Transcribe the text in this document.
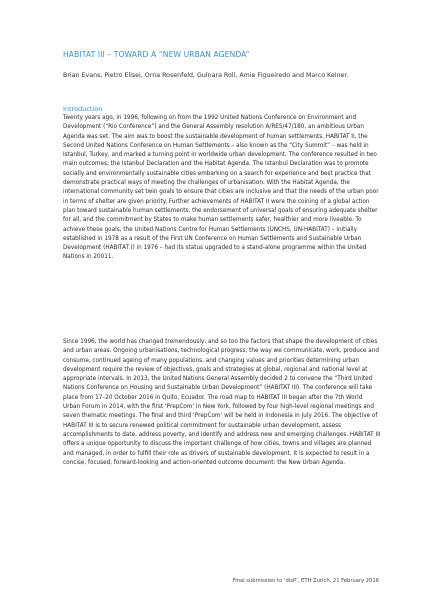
HABITAT III – TOWARD A “NEW URBAN AGENDA”
Brian Evans, Pietro Elisei, Orna Rosenfeld, Gulnara Roll, Amie Figueiredo and Marco Keiner.
Introduction

Twenty years ago, in 1996, following on from the 1992 United Nations Conference on Environment and Development (“Rio Conference”) and the General Assembly resolution A/RES/47/180, an ambitious Urban Agenda was set. The aim was to boost the sustainable development of human settlements. HABITAT II, the Second United Nations Conference on Human Settlements – also known as the “City Summit” – was held in Istanbul, Turkey, and marked a turning point in worldwide urban development. The conference resulted in two main outcomes: the Istanbul Declaration and the Habitat Agenda. The Istanbul Declaration was to promote socially and environmentally sustainable cities embarking on a search for experience and best practice that demonstrate practical ways of meeting the challenges of urbanisation. With the Habitat Agenda, the international community set twin goals to ensure that cities are inclusive and that the needs of the urban poor in terms of shelter are given priority. Further achievements of HABITAT II were the coining of a global action plan toward sustainable human settlements, the endorsement of universal goals of ensuring adequate shelter for all, and the commitment by States to make human settlements safer, healthier and more liveable. To achieve these goals, the United Nations Centre for Human Settlements (UNCHS, UN-HABITAT) – initially established in 1978 as a result of the First UN Conference on Human Settlements and Sustainable Urban Development (HABITAT I) in 1976 – had its status upgraded to a stand-alone programme within the United Nations in 20011.

Since 1996, the world has changed tremendously, and so too the factors that shape the development of cities and urban areas. Ongoing urbanisations, technological progress, the way we communicate, work, produce and consume, continued ageing of many populations, and changing values and priorities determining urban development require the review of objectives, goals and strategies at global, regional and national level at appropriate intervals. In 2013, the United Nations General Assembly decided 2 to convene the “Third United Nations Conference on Housing and Sustainable Urban Development” (HABITAT III). The conference will take place from 17–20 October 2016 in Quito, Ecuador. The road map to HABITAT III began after the 7th World Urban Forum in 2014, with the first ‘PrepCom’ in New York, followed by four high-level regional meetings and seven thematic meetings. The final and third ‘PrepCom’ will be held in Indonesia in July 2016. The objective of HABITAT III is to secure renewed political commitment for sustainable urban development, assess accomplishments to date, address poverty, and identify and address new and emerging challenges. HABITAT III offers a unique opportunity to discuss the important challenge of how cities, towns and villages are planned and managed, in order to fulfill their role as drivers of sustainable development. It is expected to result in a concise, focused, forward-looking and action-oriented outcome document: the New Urban Agenda.

Final submission to ‘disP’, ETH Zurich, 21 February 2016
